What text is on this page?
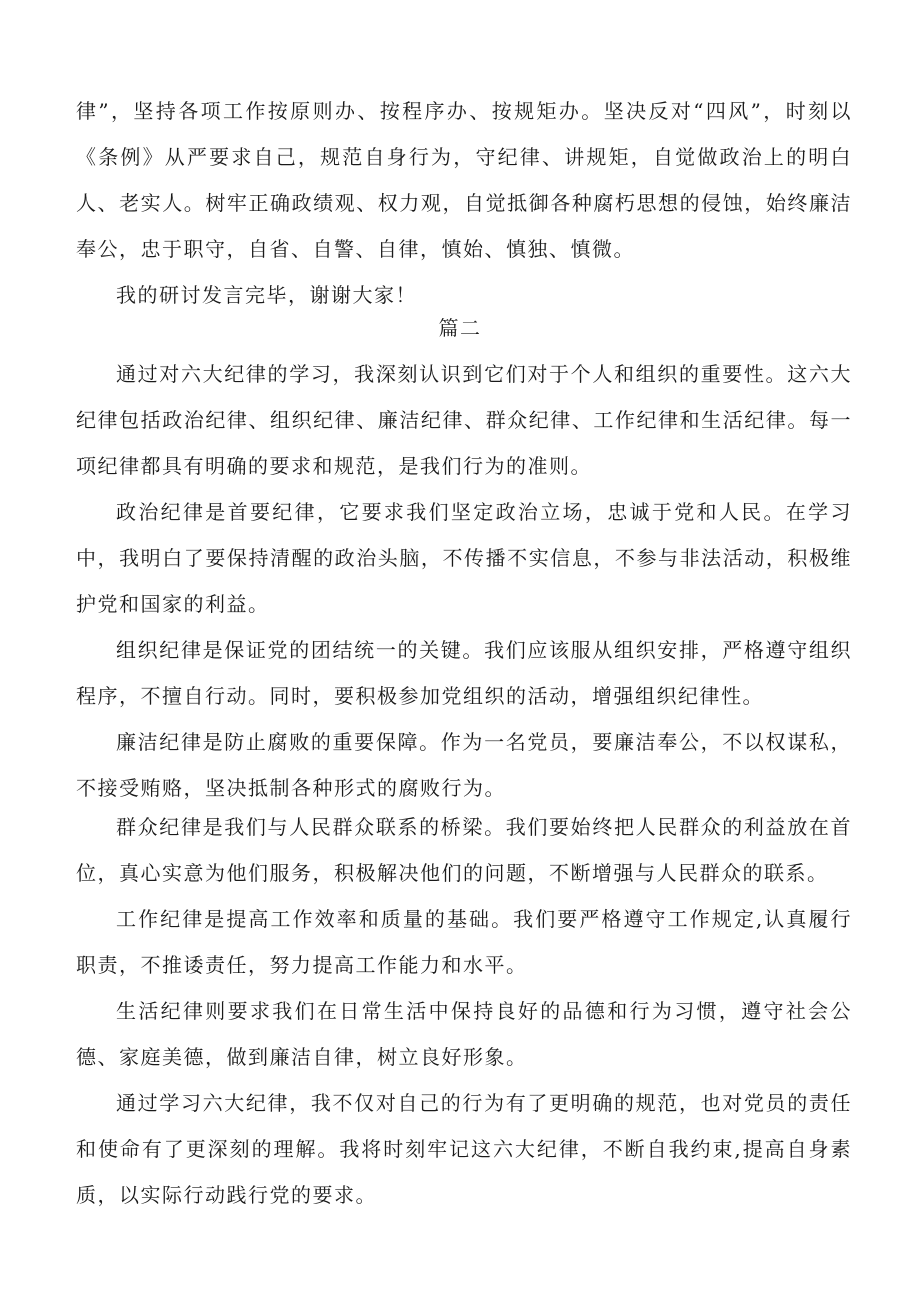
律”，坚持各项工作按原则办、按程序办、按规矩办。坚决反对“四风”，时刻以《条例》从严要求自己，规范自身行为，守纪律、讲规矩，自觉做政治上的明白人、老实人。树牢正确政绩观、权力观，自觉抵御各种腐朽思想的侵蚀，始终廉洁奉公，忠于职守，自省、自警、自律，慎始、慎独、慎微。

我的研讨发言完毕，谢谢大家！

篇二

通过对六大纪律的学习，我深刻认识到它们对于个人和组织的重要性。这六大纪律包括政治纪律、组织纪律、廉洁纪律、群众纪律、工作纪律和生活纪律。每一项纪律都具有明确的要求和规范，是我们行为的准则。

政治纪律是首要纪律，它要求我们坚定政治立场，忠诚于党和人民。在学习中，我明白了要保持清醒的政治头脑，不传播不实信息，不参与非法活动，积极维护党和国家的利益。

组织纪律是保证党的团结统一的关键。我们应该服从组织安排，严格遵守组织程序，不擅自行动。同时，要积极参加党组织的活动，增强组织纪律性。

廉洁纪律是防止腐败的重要保障。作为一名党员，要廉洁奉公，不以权谋私，不接受贿赂，坚决抵制各种形式的腐败行为。

群众纪律是我们与人民群众联系的桥梁。我们要始终把人民群众的利益放在首位，真心实意为他们服务，积极解决他们的问题，不断增强与人民群众的联系。

工作纪律是提高工作效率和质量的基础。我们要严格遵守工作规定,认真履行职责，不推诿责任，努力提高工作能力和水平。

生活纪律则要求我们在日常生活中保持良好的品德和行为习惯，遵守社会公德、家庭美德，做到廉洁自律，树立良好形象。

通过学习六大纪律，我不仅对自己的行为有了更明确的规范，也对党员的责任和使命有了更深刻的理解。我将时刻牢记这六大纪律，不断自我约束,提高自身素质，以实际行动践行党的要求。
